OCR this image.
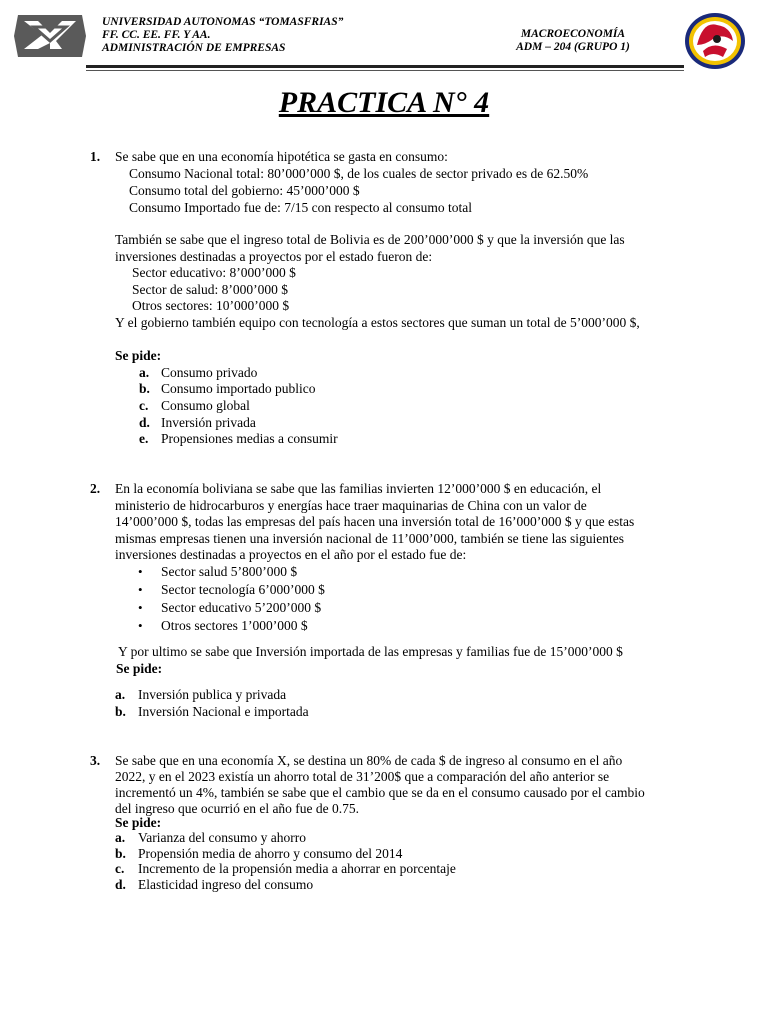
UNIVERSIDAD AUTONOMAS “TOMASFRIAS”
FF. CC. EE. FF. Y AA.
ADMINISTRACIÓN DE EMPRESAS
MACROECONOMÍA
ADM – 204 (GRUPO 1)
PRACTICA N° 4
1. Se sabe que en una economía hipotética se gasta en consumo:
Consumo Nacional total: 80’000’000 $, de los cuales de sector privado es de 62.50%
Consumo total del gobierno: 45’000’000 $
Consumo Importado fue de: 7/15 con respecto al consumo total
También se sabe que el ingreso total de Bolivia es de 200’000’000 $ y que la inversión que las
inversiones destinadas a proyectos por el estado fueron de:
Sector educativo: 8’000’000 $
Sector de salud: 8’000’000 $
Otros sectores: 10’000’000 $
Y el gobierno también equipo con tecnología a estos sectores que suman un total de 5’000’000 $,
Se pide:
a. Consumo privado
b. Consumo importado publico
c. Consumo global
d. Inversión privada
e. Propensiones medias a consumir
2. En la economía boliviana se sabe que las familias invierten 12’000’000 $ en educación, el
ministerio de hidrocarburos y energías hace traer maquinarias de China con un valor de
14’000’000 $, todas las empresas del país hacen una inversión total de 16’000’000 $ y que estas
mismas empresas tienen una inversión nacional de 11’000’000, también se tiene las siguientes
inversiones destinadas a proyectos en el año por el estado fue de:
• Sector salud 5’800’000 $
• Sector tecnología 6’000’000 $
• Sector educativo 5’200’000 $
• Otros sectores 1’000’000 $
Y por ultimo se sabe que Inversión importada de las empresas y familias fue de 15’000’000 $
Se pide:
a. Inversión publica y privada
b. Inversión Nacional e importada
3. Se sabe que en una economía X, se destina un 80% de cada $ de ingreso al consumo en el año
2022, y en el 2023 existía un ahorro total de 31’200$ que a comparación del año anterior se
incrementó un 4%, también se sabe que el cambio que se da en el consumo causado por el cambio
del ingreso que ocurrió en el año fue de 0.75.
Se pide:
a. Varianza del consumo y ahorro
b. Propensión media de ahorro y consumo del 2014
c. Incremento de la propensión media a ahorrar en porcentaje
d. Elasticidad ingreso del consumo
